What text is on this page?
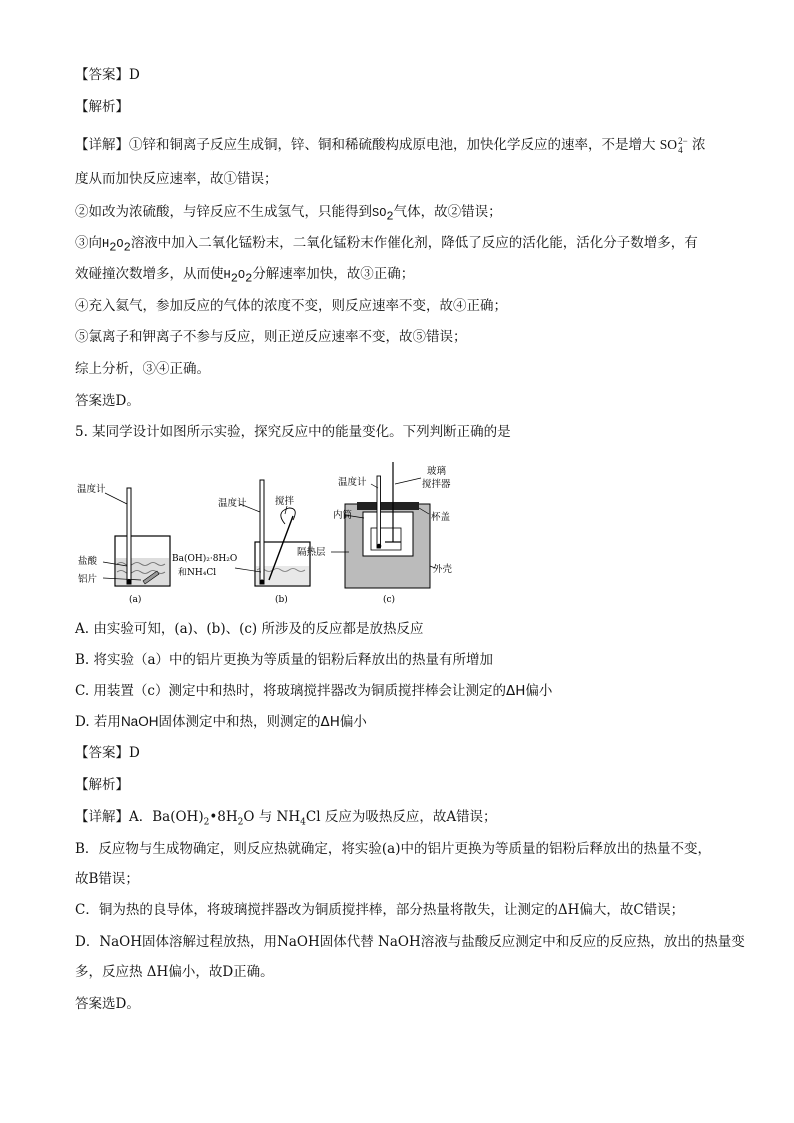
【答案】D
【解析】
【详解】①锌和铜离子反应生成铜，锌、铜和稀硫酸构成原电池，加快化学反应的速率，不是增大 SO 2−
4 浓
度从而加快反应速率，故①错误；
②如改为浓硫酸，与锌反应不生成氢气，只能得到$SO_2$气体，故②错误；
③向$H_2O_2$溶液中加入二氧化锰粉末，二氧化锰粉末作催化剂，降低了反应的活化能，活化分子数增多，有
效碰撞次数增多，从而使$H_2O_2$分解速率加快，故③正确；
④充入氦气，参加反应的气体的浓度不变，则反应速率不变，故④正确；
⑤氯离子和钾离子不参与反应，则正逆反应速率不变，故⑤错误；
综上分析，③④正确。
答案选D。
5. 某同学设计如图所示实验，探究反应中的能量变化。下列判断正确的是
温度计
盐酸
铝片
(a)
温度计	搅拌
Ba(OH)₂·8H₂O
和NH₄Cl
(b)
温度计
玻璃
搅拌器
内筒	杯盖
隔热层
外壳
(c)
A. 由实验可知，(a)、(b)、(c) 所涉及的反应都是放热反应
B. 将实验（a）中的铝片更换为等质量的铝粉后释放出的热量有所增加
C. 用装置（c）测定中和热时，将玻璃搅拌器改为铜质搅拌棒会让测定的ΔH偏小
D. 若用NaOH固体测定中和热，则测定的ΔH偏小
【答案】D
【解析】
【详解】A．$Ba(OH)_2•8H_2O$ 与 $NH_4Cl$ 反应为吸热反应，故A错误；
B．反应物与生成物确定，则反应热就确定，将实验(a)中的铝片更换为等质量的铝粉后释放出的热量不变，
故B错误；
C．铜为热的良导体，将玻璃搅拌器改为铜质搅拌棒，部分热量将散失，让测定的ΔH偏大，故C错误；
D．NaOH固体溶解过程放热，用NaOH固体代替 NaOH溶液与盐酸反应测定中和反应的反应热，放出的热量变
多，反应热 ΔH偏小，故D正确。
答案选D。
